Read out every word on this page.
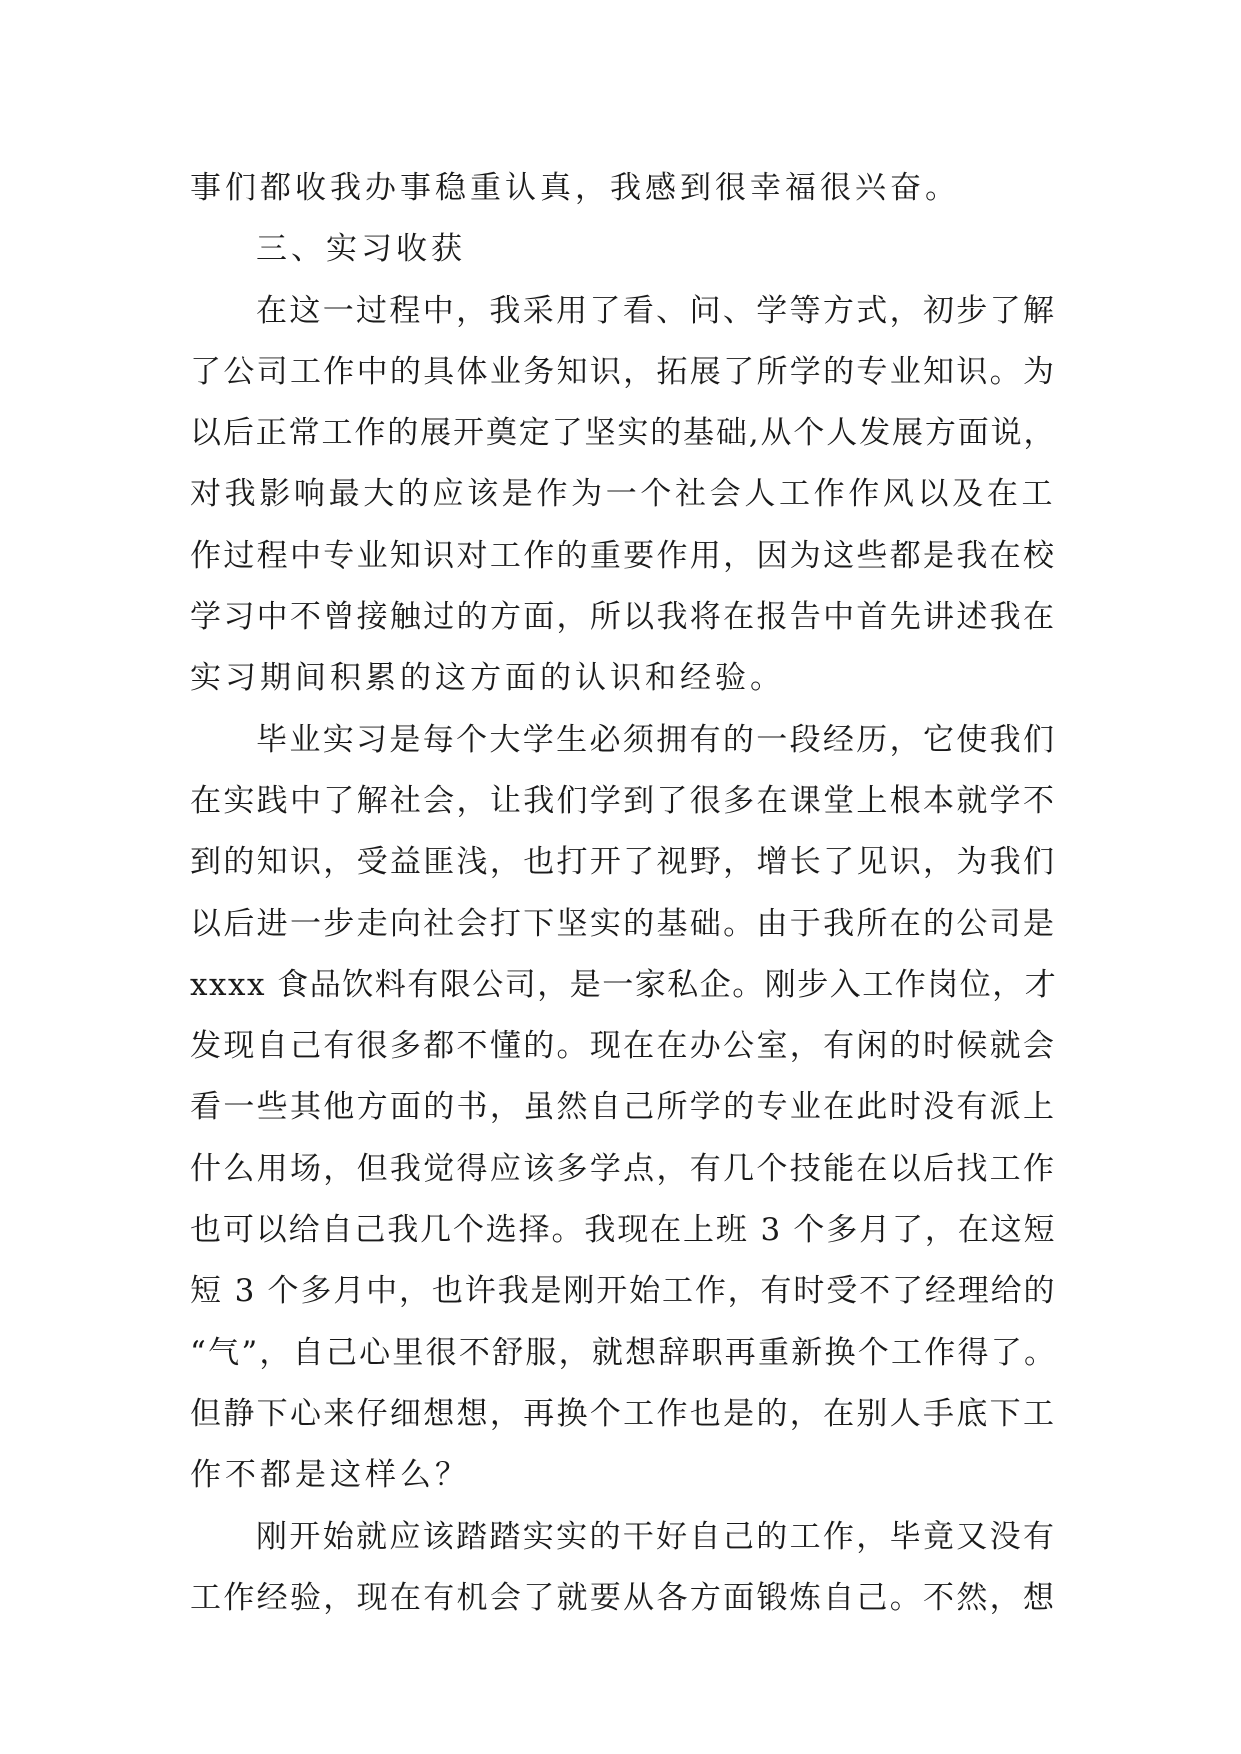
事们都收我办事稳重认真，我感到很幸福很兴奋。
三、实习收获
在这一过程中，我采用了看、问、学等方式，初步了解
了公司工作中的具体业务知识，拓展了所学的专业知识。为
以后正常工作的展开奠定了坚实的基础,从个人发展方面说，
对我影响最大的应该是作为一个社会人工作作风以及在工
作过程中专业知识对工作的重要作用，因为这些都是我在校
学习中不曾接触过的方面，所以我将在报告中首先讲述我在
实习期间积累的这方面的认识和经验。
毕业实习是每个大学生必须拥有的一段经历，它使我们
在实践中了解社会，让我们学到了很多在课堂上根本就学不
到的知识，受益匪浅，也打开了视野，增长了见识，为我们
以后进一步走向社会打下坚实的基础。由于我所在的公司是
xxxx 食品饮料有限公司，是一家私企。刚步入工作岗位，才
发现自己有很多都不懂的。现在在办公室，有闲的时候就会
看一些其他方面的书，虽然自己所学的专业在此时没有派上
什么用场，但我觉得应该多学点，有几个技能在以后找工作
也可以给自己我几个选择。我现在上班 3 个多月了，在这短
短 3 个多月中，也许我是刚开始工作，有时受不了经理给的
“气”，自己心里很不舒服，就想辞职再重新换个工作得了。
但静下心来仔细想想，再换个工作也是的，在别人手底下工
作不都是这样么？
刚开始就应该踏踏实实的干好自己的工作，毕竟又没有
工作经验，现在有机会了就要从各方面锻炼自己。不然，想
